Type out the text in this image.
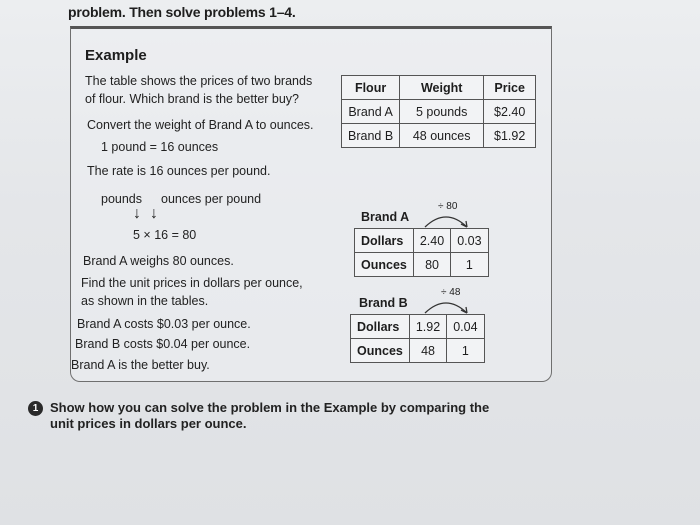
problem. Then solve problems 1–4.
Example
The table shows the prices of two brands
of flour. Which brand is the better buy?
Convert the weight of Brand A to ounces.
1 pound = 16 ounces
The rate is 16 ounces per pound.
pounds ounces per pound
↓↓
5 × 16 = 80
Brand A weighs 80 ounces.
Find the unit prices in dollars per ounce,
as shown in the tables.
Brand A costs $0.03 per ounce.
Brand B costs $0.04 per ounce.
Brand A is the better buy.
Flour	Weight	Price
Brand A	5 pounds	$2.40
Brand B	48 ounces	$1.92
÷ 80
Brand A
Dollars	2.40	0.03
Ounces	80	1
÷ 48
Brand B
Dollars	1.92	0.04
Ounces	48	1
1 Show how you can solve the problem in the Example by comparing the unit prices in dollars per ounce.
